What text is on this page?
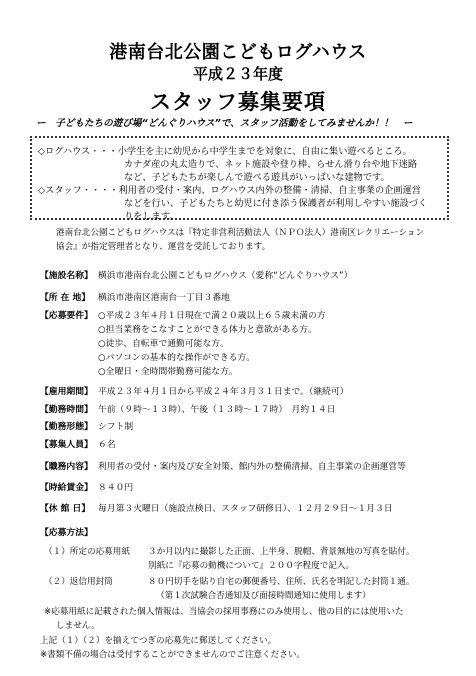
港南台北公園こどもログハウス
平成２３年度
スタッフ募集要項
ー　子どもたちの遊び場“どんぐりハウス”で、スタッフ活動をしてみませんか！！　ー
◇ログハウス・・・小学生を主に幼児から中学生までを対象に、自由に集い遊べるところ。
カナダ産の丸太造りで、ネット施設や登り棒、らせん滑り台や地下迷路
など、子どもたちが楽しんで遊べる遊具がいっぱいな建物です。
◇スタッフ・・・・利用者の受付・案内、ログハウス内外の整備・清掃、自主事業の企画運営
などを行い、子どもたちと幼児に付き添う保護者が利用しやすい施設づく
りをします。
港南台北公園こどもログハウスは『特定非営利活動法人（ＮＰＯ法人）港南区レクリエーション
協会』が指定管理者となり、運営を受託しております。
【施設名称】 横浜市港南台北公園こどもログハウス（愛称“どんぐりハウス”）
【所 在 地】 横浜市港南区港南台一丁目３番地
【応募要件】 ○平成２３年４月１日現在で満２０歳以上６５歳未満の方
○担当業務をこなすことができる体力と意欲がある方。
○徒歩、自転車で通勤可能な方。
○パソコンの基本的な操作ができる方。
○全曜日・全時間帯勤務可能な方。
【雇用期間】 平成２３年４月１日から平成２４年３月３１日まで。（継続可）
【勤務時間】 午前（９時～１３時）、午後（１３時～１７時）　月約１４日
【勤務形態】 シフト制
【募集人員】 ６名
【職務内容】 利用者の受付・案内及び安全対策、館内外の整備清掃、自主事業の企画運営等
【時給賃金】 ８４０円
【休 館 日】 毎月第３火曜日（施設点検日、スタッフ研修日）、１２月２９日～１月３日
【応募方法】
（１）所定の応募用紙 ３か月以内に撮影した正面、上半身、脱帽、背景無地の写真を貼付。
別紙に『応募の動機について』２００字程度で記入。
（２）返信用封筒	８０円切手を貼り自宅の郵便番号、住所、氏名を明記した封筒１通。
（第１次試験合否通知及び面接時間通知に使用します）
※応募用紙に記載された個人情報は、当協会の採用事務にのみ使用し、他の目的には使用いた
しません。
上記（１）（２）を揃えてつぎの応募先に郵送してください。
※書類不備の場合は受付することができませんのでご注意ください。
